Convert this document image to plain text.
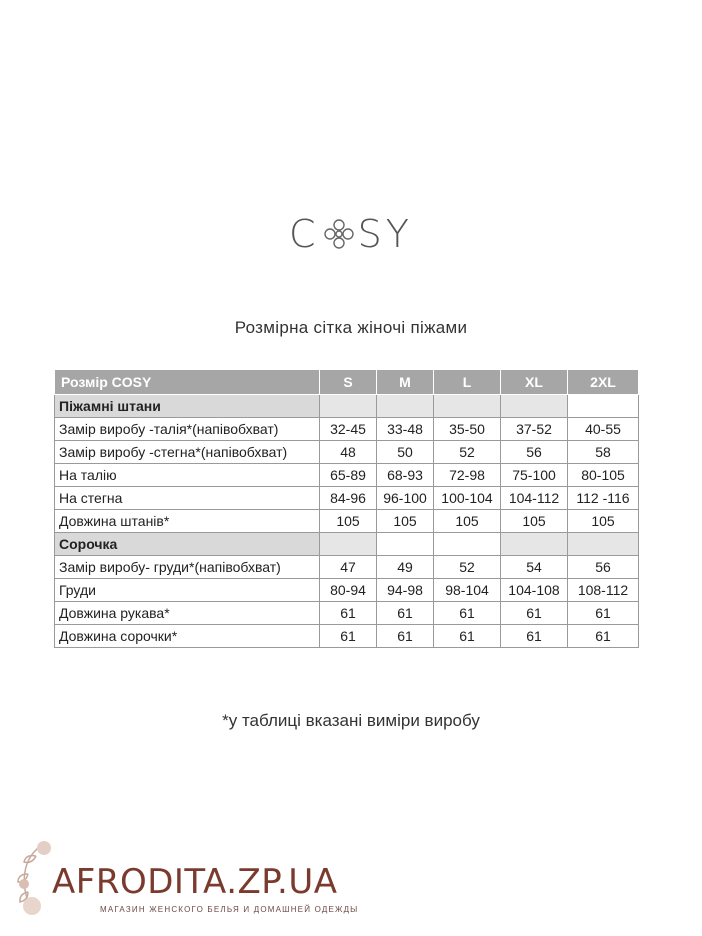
C SY
Розмірна сітка жіночі піжами
Розмір COSY	S	M	L	XL	2XL
Піжамні штани					
Замір виробу -талія*(напівобхват)	32-45	33-48	35-50	37-52	40-55
Замір виробу -стегна*(напівобхват)	48	50	52	56	58
На талію	65-89	68-93	72-98	75-100	80-105
На стегна	84-96	96-100	100-104	104-112	112 -116
Довжина штанів*	105	105	105	105	105
Сорочка					
Замір виробу- груди*(напівобхват)	47	49	52	54	56
Груди	80-94	94-98	98-104	104-108	108-112
Довжина рукава*	61	61	61	61	61
Довжина сорочки*	61	61	61	61	61
*у таблиці вказані виміри виробу
AFRODITA.ZP.UA
МАГАЗИН ЖЕНСКОГО БЕЛЬЯ И ДОМАШНЕЙ ОДЕЖДЫ
